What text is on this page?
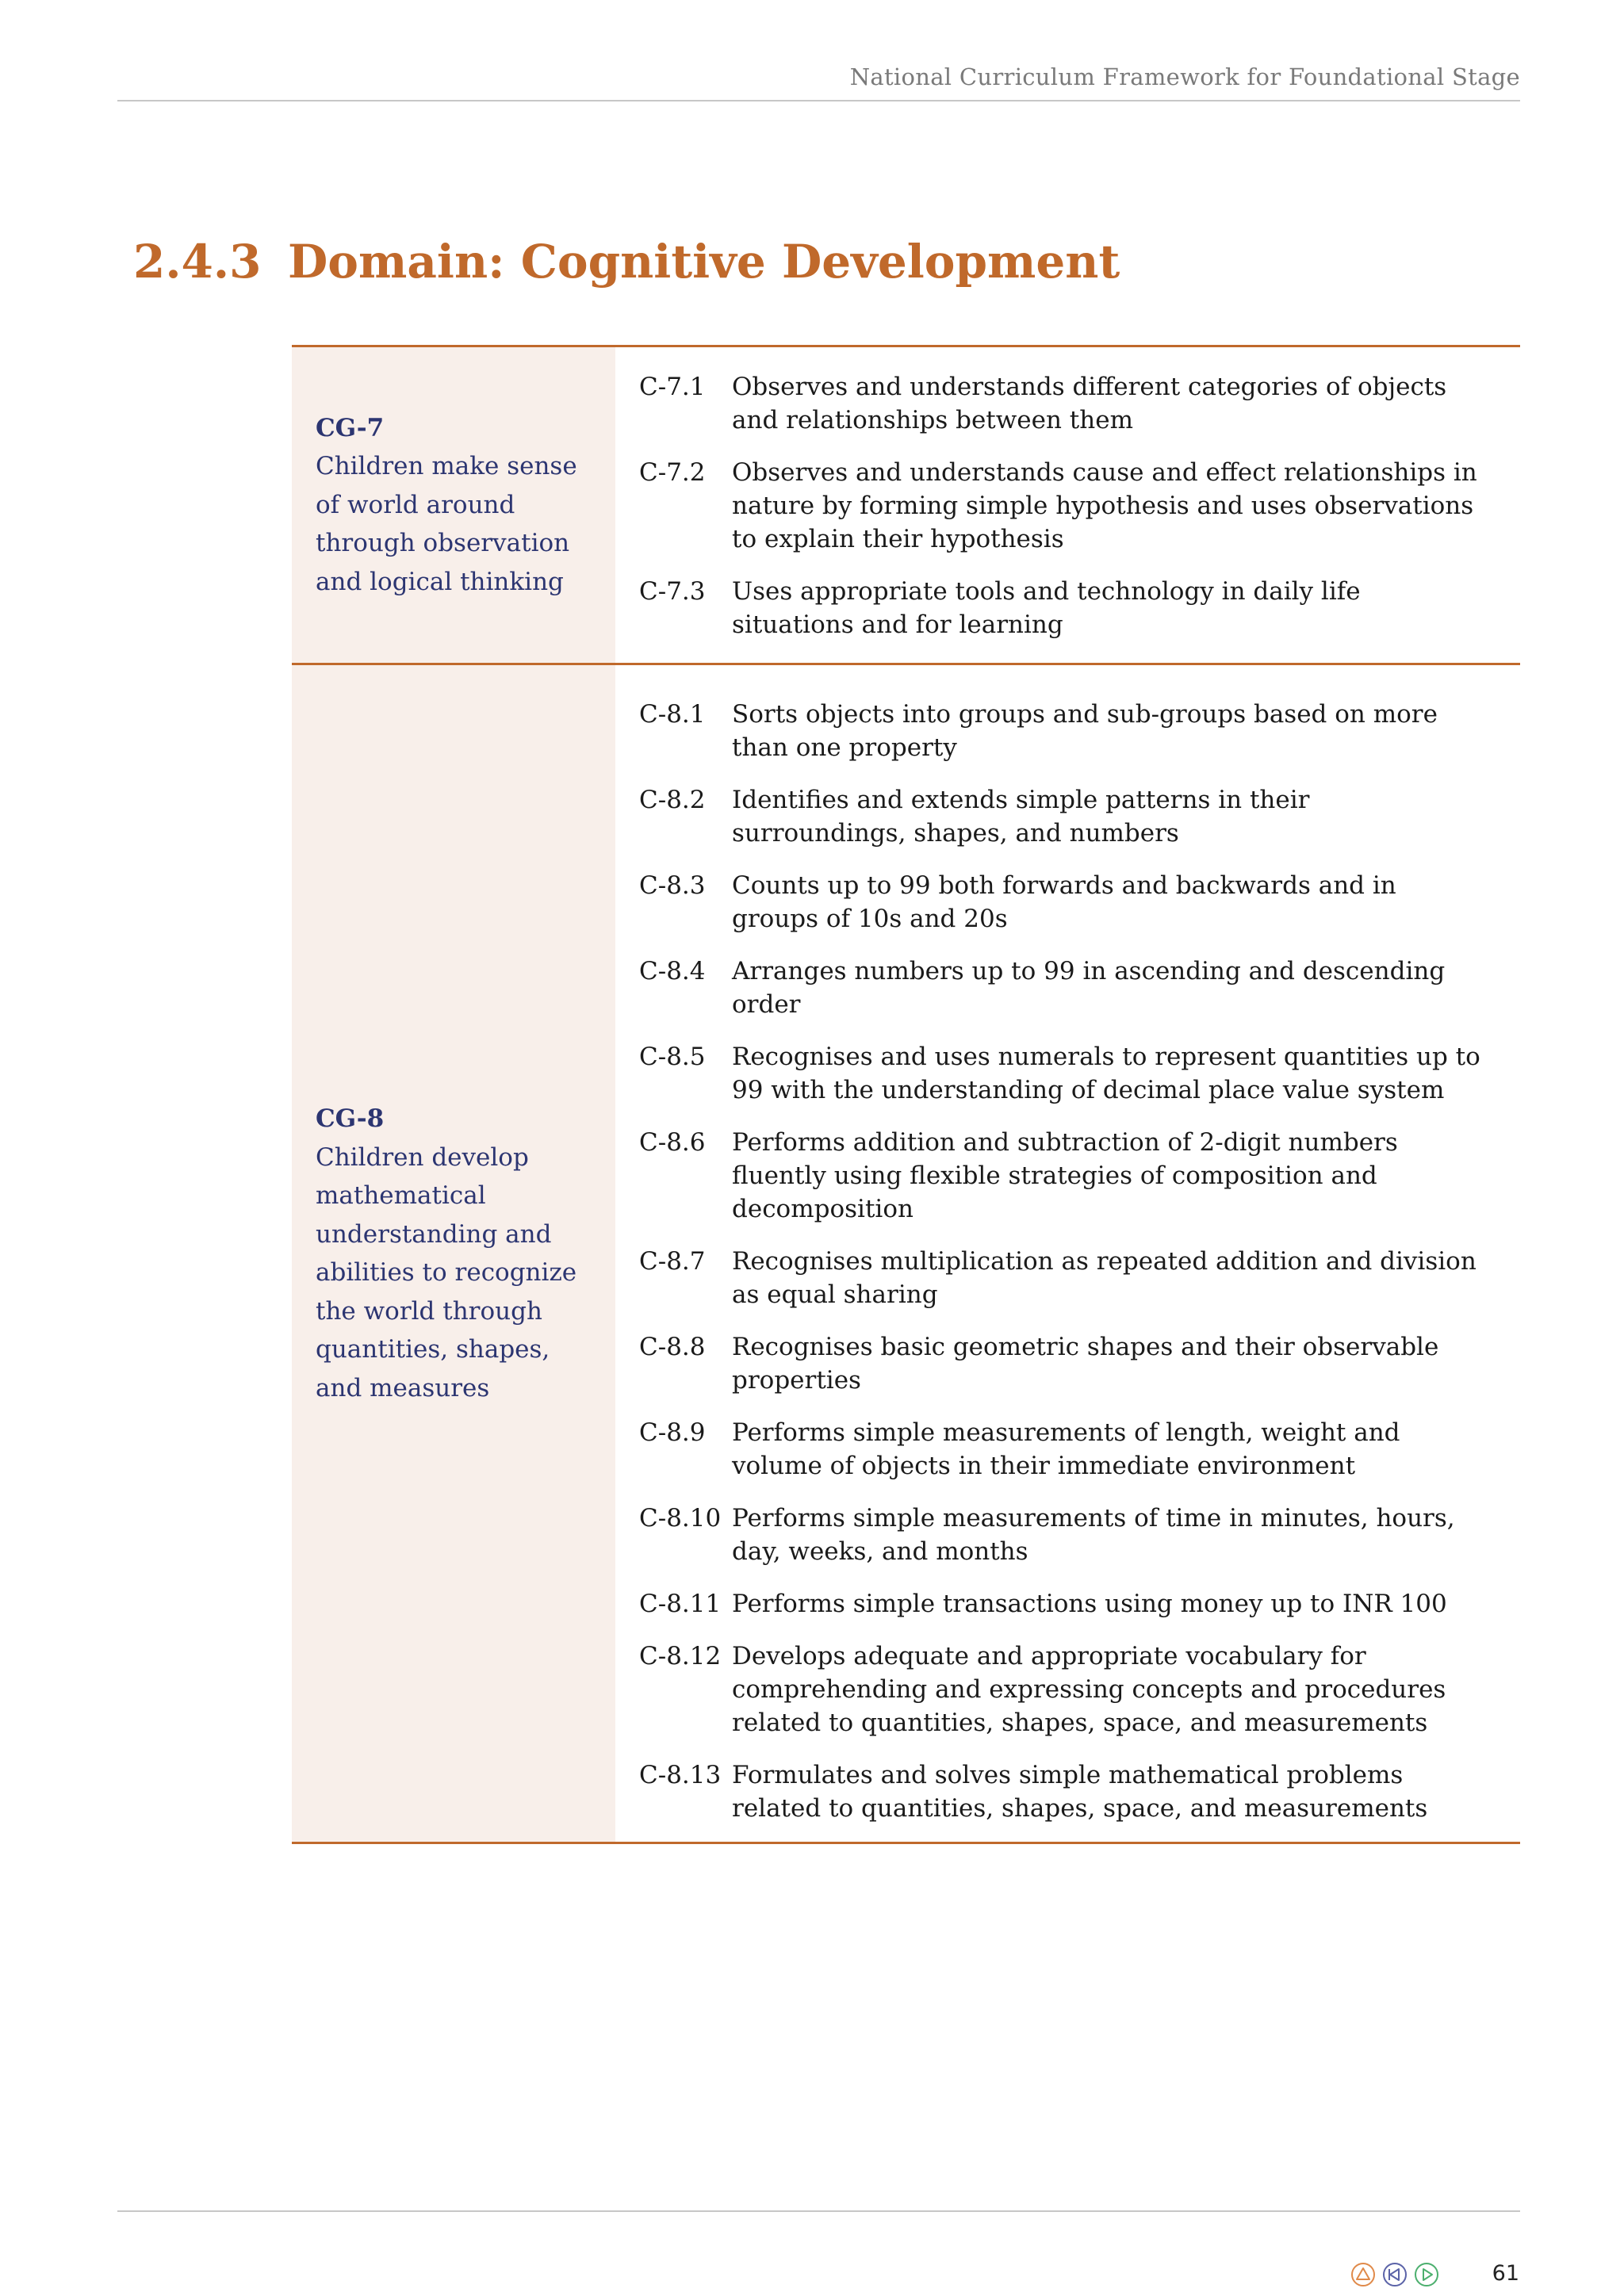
National Curriculum Framework for Foundational Stage
2.4.3 Domain: Cognitive Development
CG-7
Children make sense
of world around
through observation
and logical thinking
C-7.1	Observes and understands different categories of objects and relationships between them
C-7.2	Observes and understands cause and effect relationships in nature by forming simple hypothesis and uses observations to explain their hypothesis
C-7.3	Uses appropriate tools and technology in daily life situations and for learning
CG-8
Children develop
mathematical
understanding and
abilities to recognize
the world through
quantities, shapes,
and measures
C-8.1	Sorts objects into groups and sub-groups based on more than one property
C-8.2	Identifies and extends simple patterns in their surroundings, shapes, and numbers
C-8.3	Counts up to 99 both forwards and backwards and in groups of 10s and 20s
C-8.4	Arranges numbers up to 99 in ascending and descending order
C-8.5	Recognises and uses numerals to represent quantities up to 99 with the understanding of decimal place value system
C-8.6	Performs addition and subtraction of 2-digit numbers fluently using flexible strategies of composition and decomposition
C-8.7	Recognises multiplication as repeated addition and division as equal sharing
C-8.8	Recognises basic geometric shapes and their observable properties
C-8.9	Performs simple measurements of length, weight and volume of objects in their immediate environment
C-8.10 Performs simple measurements of time in minutes, hours, day, weeks, and months
C-8.11 Performs simple transactions using money up to INR 100
C-8.12 Develops adequate and appropriate vocabulary for comprehending and expressing concepts and procedures related to quantities, shapes, space, and measurements
C-8.13 Formulates and solves simple mathematical problems related to quantities, shapes, space, and measurements
61
